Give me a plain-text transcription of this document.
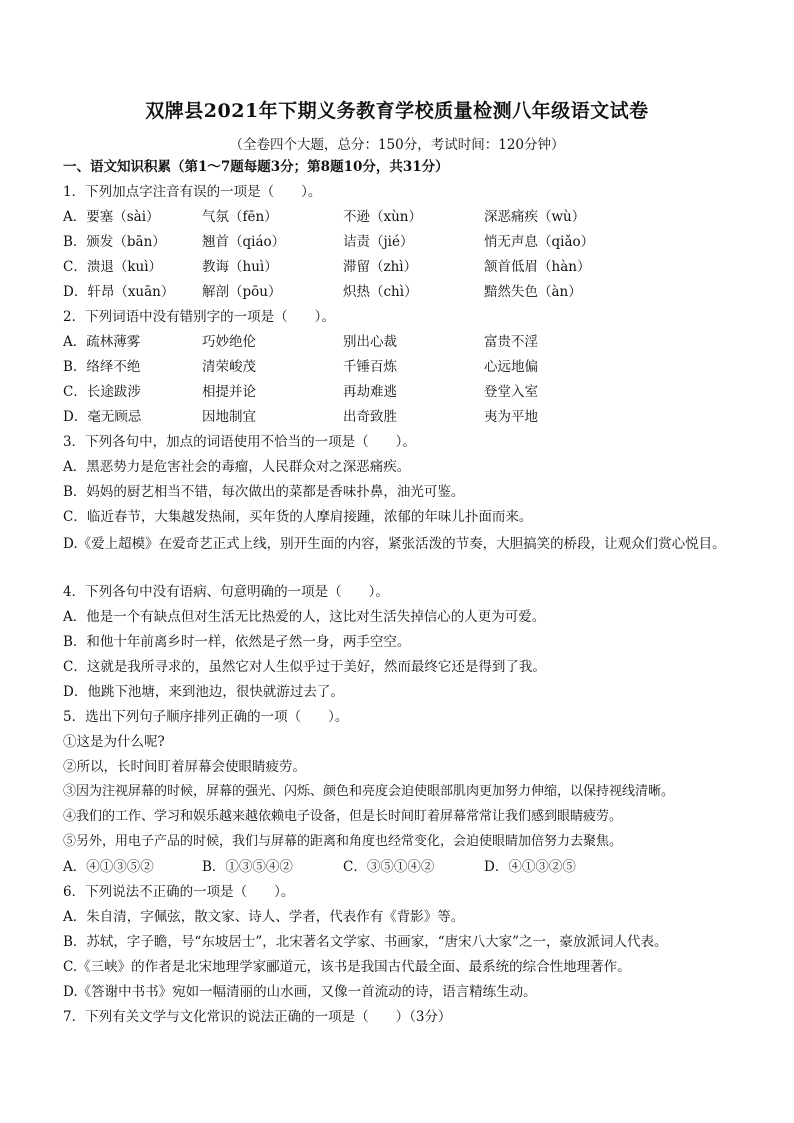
双牌县2021年下期义务教育学校质量检测八年级语文试卷
（全卷四个大题，总分：150分，考试时间：120分钟）
一、语文知识积累（第1～7题每题3分；第8题10分，共31分）
1．下列加点字注音有误的一项是（　　）。
A．要塞（sài）	气氛（fēn）	不逊（xùn）	深恶痛疾（wù）
B．颁发（bān）	翘首（qiáo）	诘责（jié）	悄无声息（qiǎo）
C．溃退（kuì）	教诲（huì）	滞留（zhì）	颔首低眉（hàn）
D．轩昂（xuān） 解剖（pōu）	炽热（chì）	黯然失色（àn）
2．下列词语中没有错别字的一项是（　　）。
A．疏林薄雾	巧妙绝伦	别出心裁	富贵不淫
B．络绎不绝	清荣峻茂	千锤百炼	心远地偏
C．长途跋涉	相提并论	再劫难逃	登堂入室
D．毫无顾忌	因地制宜	出奇致胜	夷为平地
3．下列各句中，加点的词语使用不恰当的一项是（　　）。
A．黑恶势力是危害社会的毒瘤，人民群众对之深恶痛疾。
B．妈妈的厨艺相当不错，每次做出的菜都是香味扑鼻，油光可鉴。
C．临近春节，大集越发热闹，买年货的人摩肩接踵，浓郁的年味儿扑面而来。
D.《爱上超模》在爱奇艺正式上线，别开生面的内容，紧张活泼的节奏，大胆搞笑的桥段，让观众们赏心悦目。
4．下列各句中没有语病、句意明确的一项是（　　）。
A．他是一个有缺点但对生活无比热爱的人，这比对生活失掉信心的人更为可爱。
B．和他十年前离乡时一样，依然是孑然一身，两手空空。
C．这就是我所寻求的，虽然它对人生似乎过于美好，然而最终它还是得到了我。
D．他跳下池塘，来到池边，很快就游过去了。
5．选出下列句子顺序排列正确的一项（　　）。
①这是为什么呢?
②所以，长时间盯着屏幕会使眼睛疲劳。
③因为注视屏幕的时候，屏幕的强光、闪烁、颜色和亮度会迫使眼部肌肉更加努力伸缩，以保持视线清晰。
④我们的工作、学习和娱乐越来越依赖电子设备，但是长时间盯着屏幕常常让我们感到眼睛疲劳。
⑤另外，用电子产品的时候，我们与屏幕的距离和角度也经常变化，会迫使眼睛加倍努力去聚焦。
A．④①③⑤②	B．①③⑤④②	C．③⑤①④②	D．④①③②⑤
6．下列说法不正确的一项是（　　）。
A．朱自清，字佩弦，散文家、诗人、学者，代表作有《背影》等。
B．苏轼，字子瞻，号“东坡居士”，北宋著名文学家、书画家，“唐宋八大家”之一，豪放派词人代表。
C.《三峡》的作者是北宋地理学家郦道元，该书是我国古代最全面、最系统的综合性地理著作。
D.《答谢中书书》宛如一幅清丽的山水画，又像一首流动的诗，语言精练生动。
7．下列有关文学与文化常识的说法正确的一项是（　　）（3分）
